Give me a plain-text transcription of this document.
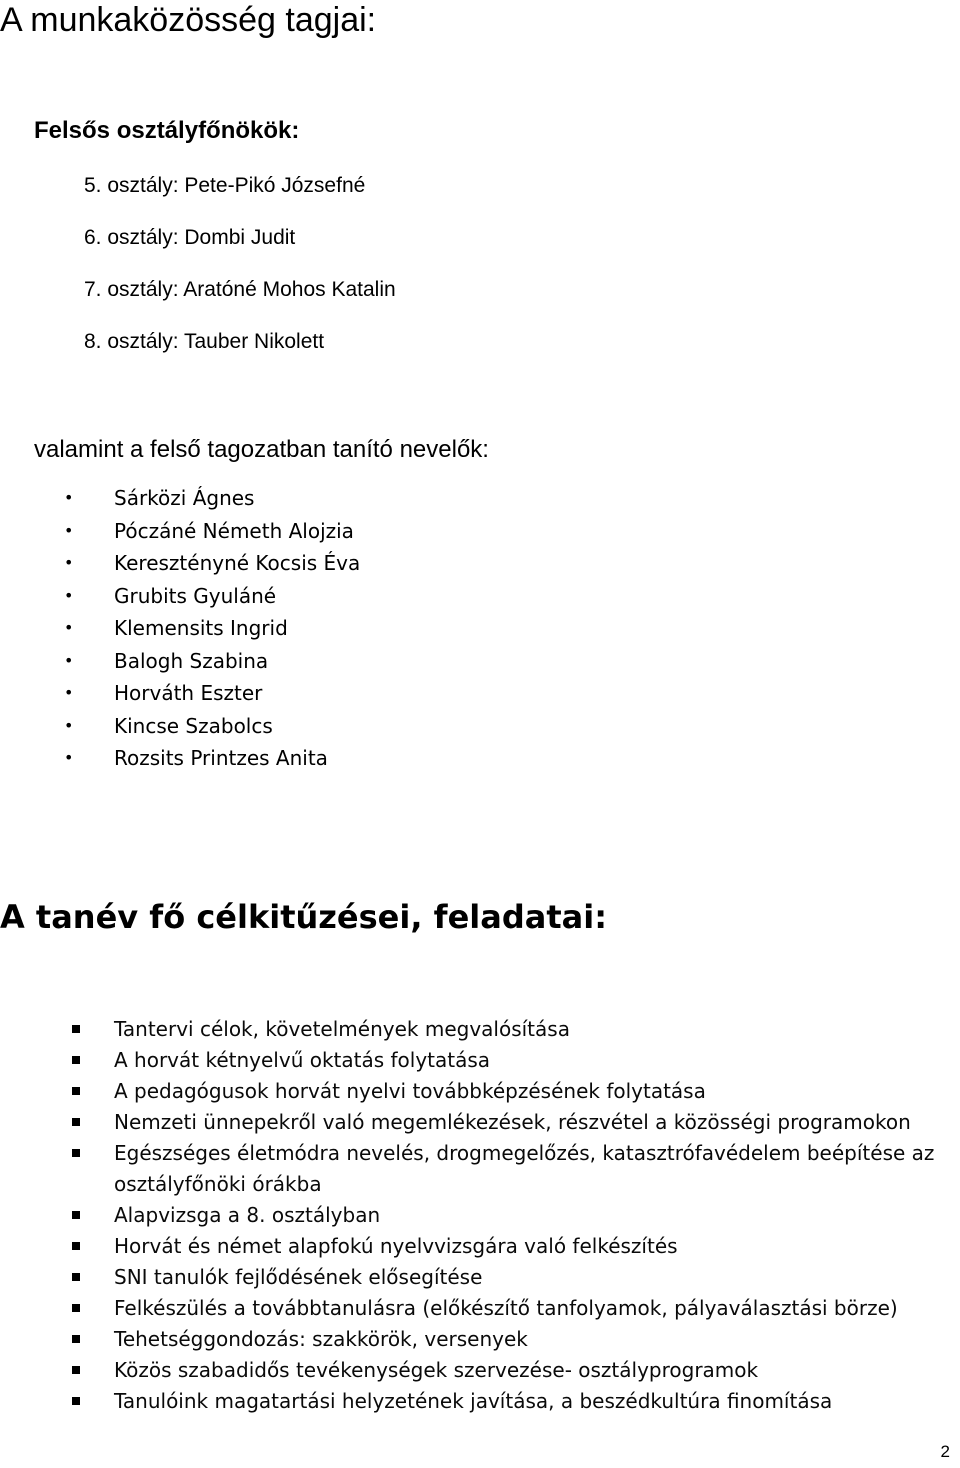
A munkaközösség tagjai:
Felsős osztályfőnökök:
5. osztály: Pete-Pikó Józsefné
6. osztály: Dombi Judit
7. osztály: Aratóné Mohos Katalin
8. osztály: Tauber Nikolett
valamint a felső tagozatban tanító nevelők:
•	Sárközi Ágnes
•	Póczáné Németh Alojzia
•	Keresztényné Kocsis Éva
•	Grubits Gyuláné
•	Klemensits Ingrid
•	Balogh Szabina
•	Horváth Eszter
•	Kincse Szabolcs
•	Rozsits Printzes Anita
A tanév fő célkitűzései, feladatai:
Tantervi célok, követelmények megvalósítása
A horvát kétnyelvű oktatás folytatása
A pedagógusok horvát nyelvi továbbképzésének folytatása
Nemzeti ünnepekről való megemlékezések, részvétel a közösségi programokon
Egészséges életmódra nevelés, drogmegelőzés, katasztrófavédelem beépítése az osztályfőnöki órákba
Alapvizsga a 8. osztályban
Horvát és német alapfokú nyelvvizsgára való felkészítés
SNI tanulók fejlődésének elősegítése
Felkészülés a továbbtanulásra (előkészítő tanfolyamok, pályaválasztási börze)
Tehetséggondozás: szakkörök, versenyek
Közös szabadidős tevékenységek szervezése- osztályprogramok
Tanulóink magatartási helyzetének javítása, a beszédkultúra finomítása
2
